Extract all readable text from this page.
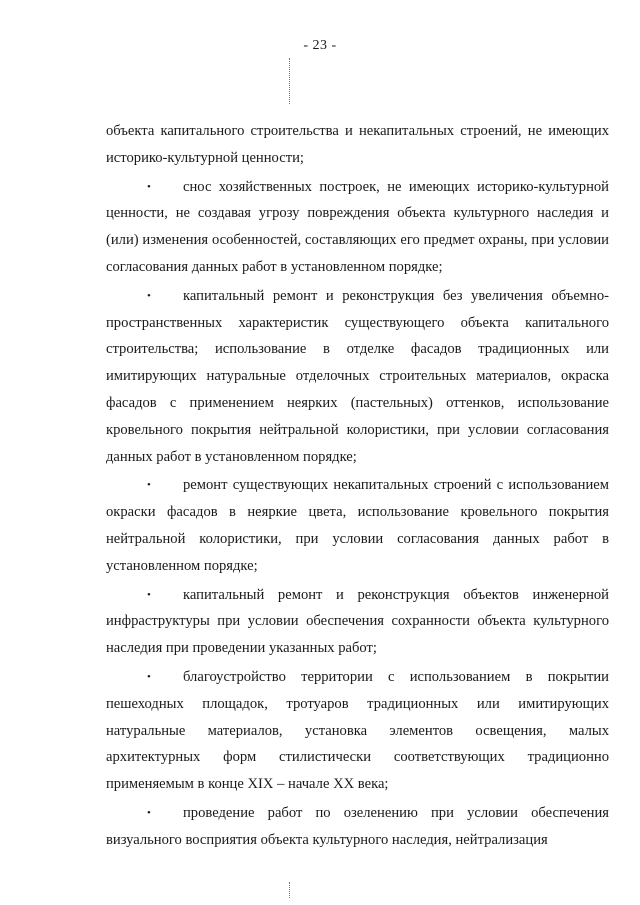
- 23 -

объекта капитального строительства и некапитальных строений, не имеющих историко-культурной ценности;

• снос хозяйственных построек, не имеющих историко-культурной ценности, не создавая угрозу повреждения объекта культурного наследия и (или) изменения особенностей, составляющих его предмет охраны, при условии согласования данных работ в установленном порядке;

• капитальный ремонт и реконструкция без увеличения объемно-пространственных характеристик существующего объекта капитального строительства; использование в отделке фасадов традиционных или имитирующих натуральные отделочных строительных материалов, окраска фасадов с применением неярких (пастельных) оттенков, использование кровельного покрытия нейтральной колористики, при условии согласования данных работ в установленном порядке;

• ремонт существующих некапитальных строений с использованием окраски фасадов в неяркие цвета, использование кровельного покрытия нейтральной колористики, при условии согласования данных работ в установленном порядке;

• капитальный ремонт и реконструкция объектов инженерной инфраструктуры при условии обеспечения сохранности объекта культурного наследия при проведении указанных работ;

• благоустройство территории с использованием в покрытии пешеходных площадок, тротуаров традиционных или имитирующих натуральные материалов, установка элементов освещения, малых архитектурных форм стилистически соответствующих традиционно применяемым в конце XIX – начале XX века;

• проведение работ по озеленению при условии обеспечения визуального восприятия объекта культурного наследия, нейтрализация
